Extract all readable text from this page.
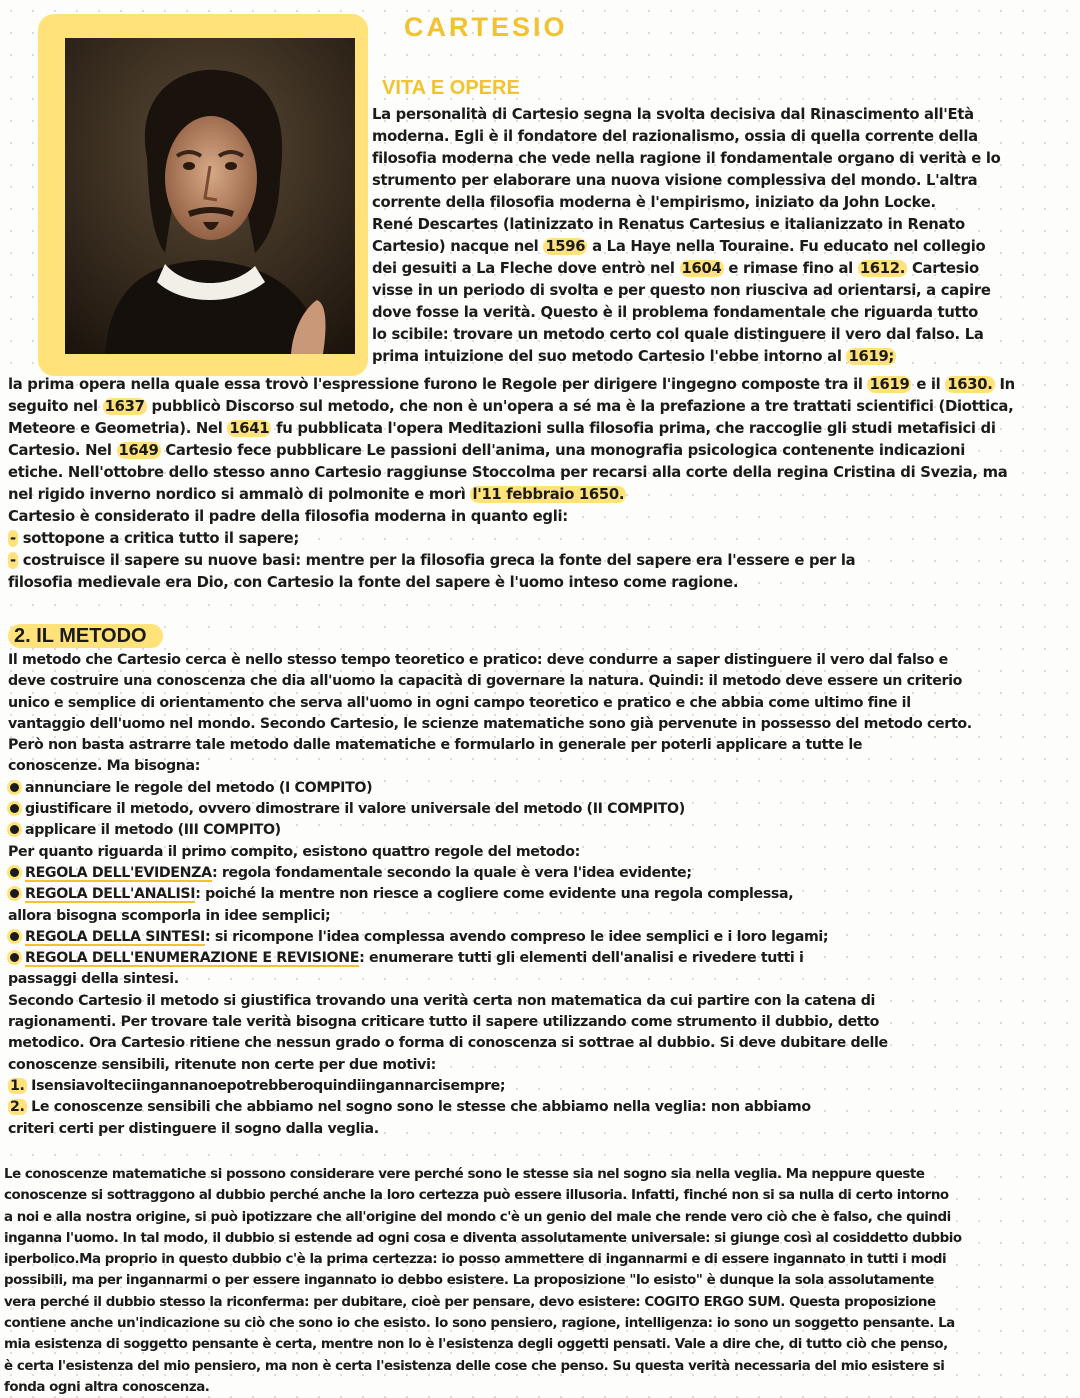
CARTESIO
VITA E OPERE
La personalità di Cartesio segna la svolta decisiva dal Rinascimento all'Età
moderna. Egli è il fondatore del razionalismo, ossia di quella corrente della
filosofia moderna che vede nella ragione il fondamentale organo di verità e lo
strumento per elaborare una nuova visione complessiva del mondo. L'altra
corrente della filosofia moderna è l'empirismo, iniziato da John Locke.
René Descartes (latinizzato in Renatus Cartesius e italianizzato in Renato
Cartesio) nacque nel 1596 a La Haye nella Touraine. Fu educato nel collegio
dei gesuiti a La Fleche dove entrò nel 1604 e rimase fino al 1612. Cartesio
visse in un periodo di svolta e per questo non riusciva ad orientarsi, a capire
dove fosse la verità. Questo è il problema fondamentale che riguarda tutto
lo scibile: trovare un metodo certo col quale distinguere il vero dal falso. La
prima intuizione del suo metodo Cartesio l'ebbe intorno al 1619;
la prima opera nella quale essa trovò l'espressione furono le Regole per dirigere l'ingegno composte tra il 1619 e il 1630. In
seguito nel 1637 pubblicò Discorso sul metodo, che non è un'opera a sé ma è la prefazione a tre trattati scientifici (Diottica,
Meteore e Geometria). Nel 1641 fu pubblicata l'opera Meditazioni sulla filosofia prima, che raccoglie gli studi metafisici di
Cartesio. Nel 1649 Cartesio fece pubblicare Le passioni dell'anima, una monografia psicologica contenente indicazioni
etiche. Nell'ottobre dello stesso anno Cartesio raggiunse Stoccolma per recarsi alla corte della regina Cristina di Svezia, ma
nel rigido inverno nordico si ammalò di polmonite e morì l'11 febbraio 1650.
Cartesio è considerato il padre della filosofia moderna in quanto egli:
- sottopone a critica tutto il sapere;
- costruisce il sapere su nuove basi: mentre per la filosofia greca la fonte del sapere era l'essere e per la
filosofia medievale era Dio, con Cartesio la fonte del sapere è l'uomo inteso come ragione.
2. IL METODO
Il metodo che Cartesio cerca è nello stesso tempo teoretico e pratico: deve condurre a saper distinguere il vero dal falso e
deve costruire una conoscenza che dia all'uomo la capacità di governare la natura. Quindi: il metodo deve essere un criterio
unico e semplice di orientamento che serva all'uomo in ogni campo teoretico e pratico e che abbia come ultimo fine il
vantaggio dell'uomo nel mondo. Secondo Cartesio, le scienze matematiche sono già pervenute in possesso del metodo certo.
Però non basta astrarre tale metodo dalle matematiche e formularlo in generale per poterli applicare a tutte le
conoscenze. Ma bisogna:
annunciare le regole del metodo (I COMPITO)
giustificare il metodo, ovvero dimostrare il valore universale del metodo (II COMPITO)
applicare il metodo (III COMPITO)
Per quanto riguarda il primo compito, esistono quattro regole del metodo:
REGOLA DELL'EVIDENZA: regola fondamentale secondo la quale è vera l'idea evidente;
REGOLA DELL'ANALISI: poiché la mentre non riesce a cogliere come evidente una regola complessa,
allora bisogna scomporla in idee semplici;
REGOLA DELLA SINTESI: si ricompone l'idea complessa avendo compreso le idee semplici e i loro legami;
REGOLA DELL'ENUMERAZIONE E REVISIONE: enumerare tutti gli elementi dell'analisi e rivedere tutti i
passaggi della sintesi.
Secondo Cartesio il metodo si giustifica trovando una verità certa non matematica da cui partire con la catena di
ragionamenti. Per trovare tale verità bisogna criticare tutto il sapere utilizzando come strumento il dubbio, detto
metodico. Ora Cartesio ritiene che nessun grado o forma di conoscenza si sottrae al dubbio. Si deve dubitare delle
conoscenze sensibili, ritenute non certe per due motivi:
1. Isensiavolteciingannanoepotrebberoquindiingannarcisempre;
2. Le conoscenze sensibili che abbiamo nel sogno sono le stesse che abbiamo nella veglia: non abbiamo
criteri certi per distinguere il sogno dalla veglia.
Le conoscenze matematiche si possono considerare vere perché sono le stesse sia nel sogno sia nella veglia. Ma neppure queste
conoscenze si sottraggono al dubbio perché anche la loro certezza può essere illusoria. Infatti, finché non si sa nulla di certo intorno
a noi e alla nostra origine, si può ipotizzare che all'origine del mondo c'è un genio del male che rende vero ciò che è falso, che quindi
inganna l'uomo. In tal modo, il dubbio si estende ad ogni cosa e diventa assolutamente universale: si giunge così al cosiddetto dubbio
iperbolico.Ma proprio in questo dubbio c'è la prima certezza: io posso ammettere di ingannarmi e di essere ingannato in tutti i modi
possibili, ma per ingannarmi o per essere ingannato io debbo esistere. La proposizione "Io esisto" è dunque la sola assolutamente
vera perché il dubbio stesso la riconferma: per dubitare, cioè per pensare, devo esistere: COGITO ERGO SUM. Questa proposizione
contiene anche un'indicazione su ciò che sono io che esisto. Io sono pensiero, ragione, intelligenza: io sono un soggetto pensante. La
mia esistenza di soggetto pensante è certa, mentre non lo è l'esistenza degli oggetti pensati. Vale a dire che, di tutto ciò che penso,
è certa l'esistenza del mio pensiero, ma non è certa l'esistenza delle cose che penso. Su questa verità necessaria del mio esistere si
fonda ogni altra conoscenza.
